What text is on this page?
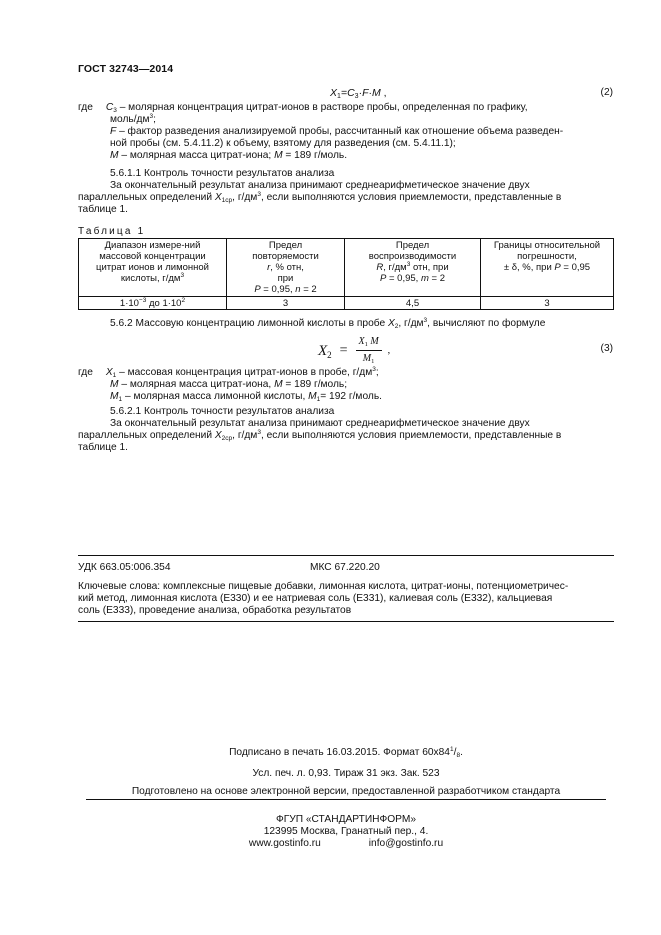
ГОСТ 32743—2014
$X_1=C_3\cdot F\cdot M$ ,	(2)
где $C_3$ – молярная концентрация цитрат-ионов в растворе пробы, определенная по графику,
моль/$дм^3$;
F – фактор разведения анализируемой пробы, рассчитанный как отношение объема разведен-
ной пробы (см. 5.4.11.2) к объему, взятому для разведения (см. 5.4.11.1);
M – молярная масса цитрат-иона; M = 189 г/моль.
5.6.1.1 Контроль точности результатов анализа
За окончательный результат анализа принимают среднеарифметическое значение двух
параллельных определений $X_{1ср}$, $г/дм^3$, если выполняются условия приемлемости, представленные в
таблице 1.
Таблица 1
Диапазон измере-ний
массовой концентрации
цитрат ионов и лимонной
кислоты, $г/дм^3$	Предел
повторяемости
r, % отн,
при
P = 0,95, n = 2	Предел
воспроизводимости
R, $г/дм^3$ отн, при
P = 0,95, m = 2	Границы относительной
погрешности,
± δ, %, при P = 0,95

$1\cdot 10^{-3}$ до $1\cdot 10^2$	3	4,5	3
5.6.2 Массовую концентрацию лимонной кислоты в пробе $X_2$, $г/дм^3$, вычисляют по формуле
$X_2$ =
$X_1$ M
$M_1$
,	(3)
где $X_1$ – массовая концентрация цитрат-ионов в пробе, $г/дм^3$;
M – молярная масса цитрат-иона, M = 189 г/моль;
$M_1$ – молярная масса лимонной кислоты, $M_1= 192$ г/моль.
5.6.2.1 Контроль точности результатов анализа
За окончательный результат анализа принимают среднеарифметическое значение двух
параллельных определений $X_{2ср}$, $г/дм^3$, если выполняются условия приемлемости, представленные в
таблице 1.
УДК 663.05:006.354	МКС 67.220.20
Ключевые слова: комплексные пищевые добавки, лимонная кислота, цитрат-ионы, потенциометричес-
кий метод, лимонная кислота (Е330) и ее натриевая соль (Е331), калиевая соль (Е332), кальциевая
соль (Е333), проведение анализа, обработка результатов
Подписано в печать 16.03.2015. Формат $60x84^1/_8$.
Усл. печ. л. 0,93. Тираж 31 экз. Зак. 523
Подготовлено на основе электронной версии, предоставленной разработчиком стандарта
ФГУП «СТАНДАРТИНФОРМ»
123995 Москва, Гранатный пер., 4.
www.gostinfo.ru	info@gostinfo.ru
